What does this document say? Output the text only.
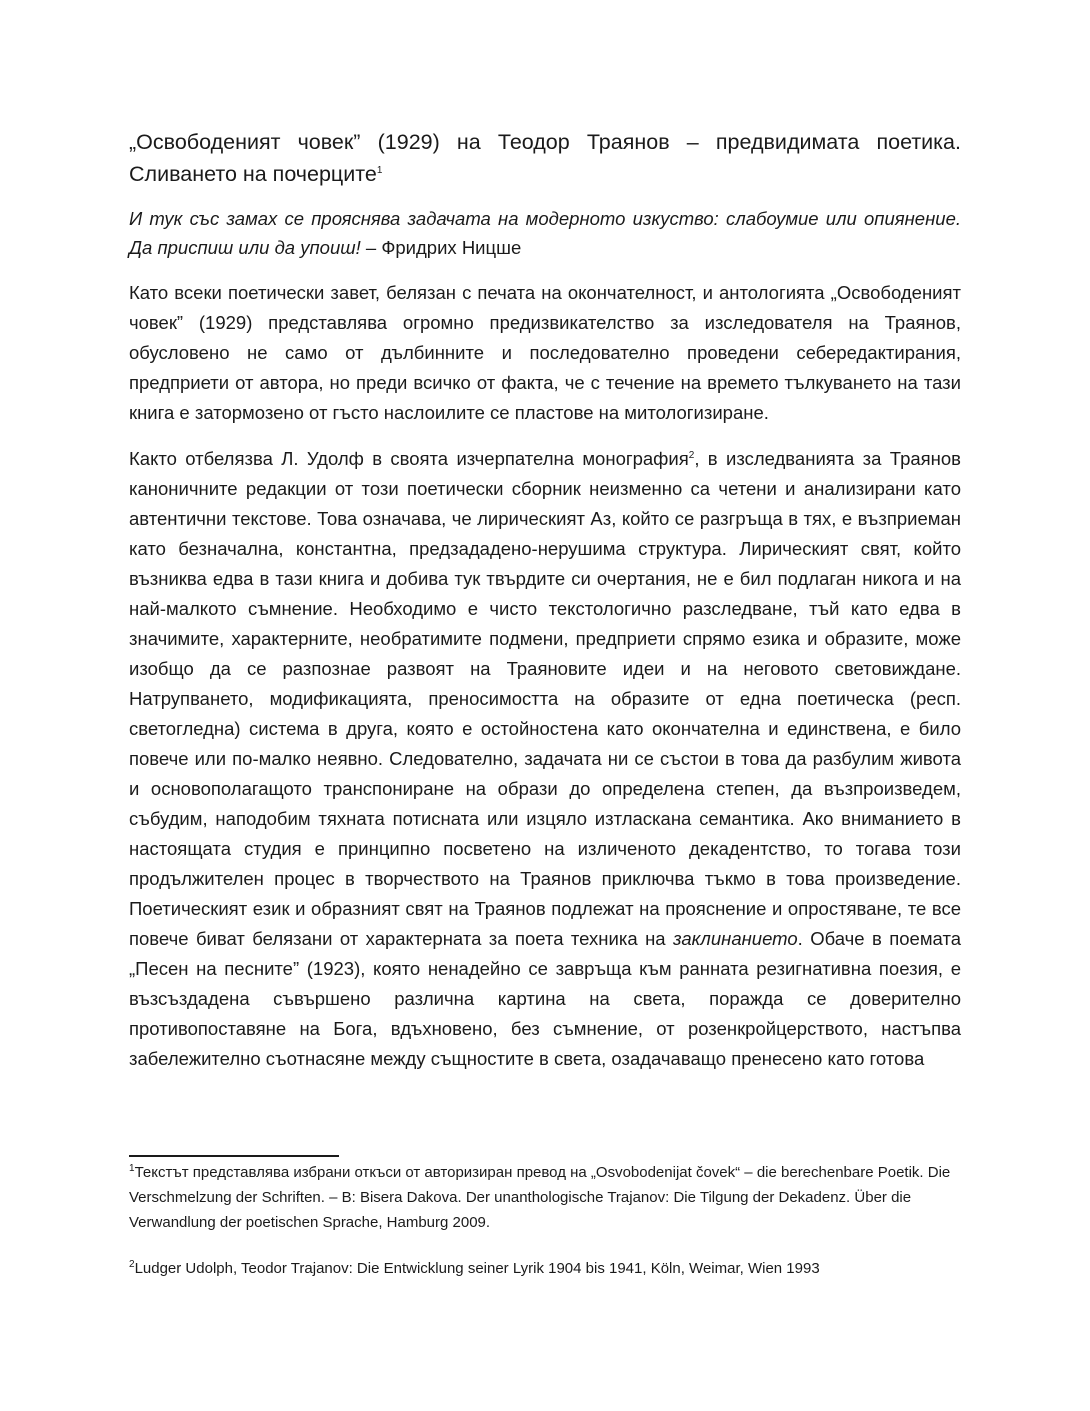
„Освободеният човек” (1929) на Теодор Траянов – предвидимата поетика. Сливането на почерците$^1$

И тук със замах се прояснява задачата на модерното изкуство: слабоумие или опиянение. Да приспиш или да упоиш! – Фридрих Ницше

Като всеки поетически завет, белязан с печата на окончателност, и антологията „Освободеният човек” (1929) представлява огромно предизвикателство за изследователя на Траянов, обусловено не само от дълбинните и последователно проведени себередактирания, предприети от автора, но преди всичко от факта, че с течение на времето тълкуването на тази книга е затормозено от гъсто наслоилите се пластове на митологизиране.

Както отбелязва Л. Удолф в своята изчерпателна монография$^2$, в изследванията за Траянов каноничните редакции от този поетически сборник неизменно са четени и анализирани като автентични текстове. Това означава, че лирическият Аз, който се разгръща в тях, е възприеман като безначална, константна, предзададено-нерушима структура. Лирическият свят, който възниква едва в тази книга и добива тук твърдите си очертания, не е бил подлаган никога и на най-малкото съмнение. Необходимо е чисто текстологично разследване, тъй като едва в значимите, характерните, необратимите подмени, предприети спрямо езика и образите, може изобщо да се разпознае развоят на Траяновите идеи и на неговото световиждане. Натрупването, модификацията, преносимостта на образите от една поетическа (респ. светогледна) система в друга, която е остойностена като окончателна и единствена, е било повече или по-малко неявно. Следователно, задачата ни се състои в това да разбулим живота и основополагащото транспониране на образи до определена степен, да възпроизведем, събудим, наподобим тяхната потисната или изцяло изтласкана семантика. Ако вниманието в настоящата студия е принципно посветено на изличеното декадентство, то тогава този продължителен процес в творчеството на Траянов приключва тъкмо в това произведение. Поетическият език и образният свят на Траянов подлежат на прояснение и опростяване, те все повече биват белязани от характерната за поета техника на заклинанието. Обаче в поемата „Песен на песните” (1923), която ненадейно се завръща към ранната резигнативна поезия, е възсъздадена съвършено различна картина на света, поражда се доверително противопоставяне на Бога, вдъхновено, без съмнение, от розенкройцерството, настъпва забележително съотнасяне между същностите в света, озадачаващо пренесено като готова

$^1$Текстът представлява избрани откъси от авторизиран превод на „Osvobodenijat čovek“ – die berechenbare Poetik. Die Verschmelzung der Schriften. – B: Bisera Dakova. Der unanthologische Trajanov: Die Tilgung der Dekadenz. Über die Verwandlung der poetischen Sprache, Hamburg 2009.

$^2$Ludger Udolph, Teodor Trajanov: Die Entwicklung seiner Lyrik 1904 bis 1941, Köln, Weimar, Wien 1993
